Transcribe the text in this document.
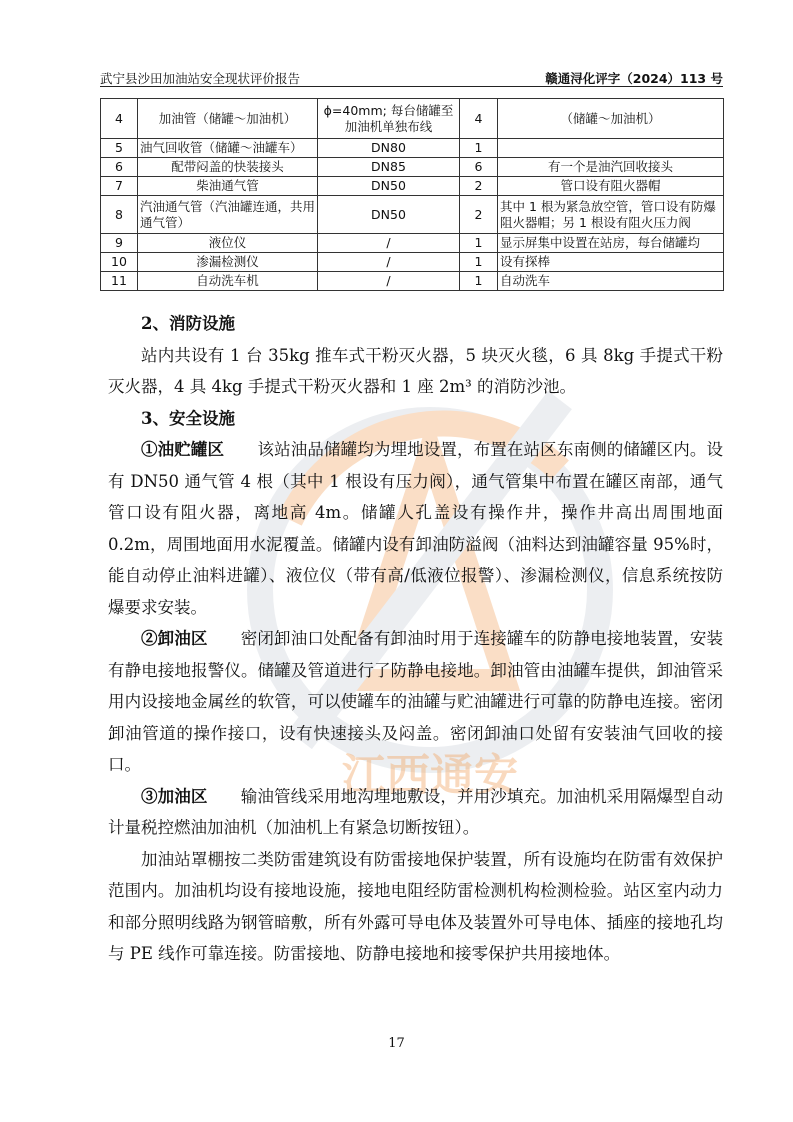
江西通安
武宁县沙田加油站安全现状评价报告	赣通浔化评字（2024）113 号
4	加油管（储罐～加油机）	ϕ=40mm; 每台储罐至加油机单独布线	4	（储罐～加油机）
5	油气回收管（储罐～油罐车）	DN80	1	
6	配带闷盖的快装接头	DN85	6	有一个是油汽回收接头
7	柴油通气管	DN50	2	管口设有阻火器帽
8	汽油通气管（汽油罐连通，共用通气管）	DN50	2	其中 1 根为紧急放空管，管口设有防爆阻火器帽；另 1 根设有阻火压力阀
9	液位仪	/	1	显示屏集中设置在站房，每台储罐均
10	渗漏检测仪	/	1	设有探棒
11	自动洗车机	/	1	自动洗车
2、消防设施

站内共设有 1 台 35kg 推车式干粉灭火器，5 块灭火毯，6 具 8kg 手提式干粉灭火器，4 具 4kg 手提式干粉灭火器和 1 座 2m³ 的消防沙池。

3、安全设施

①油贮罐区　　 该站油品储罐均为埋地设置，布置在站区东南侧的储罐区内。设有 DN50 通气管 4 根（其中 1 根设有压力阀），通气管集中布置在罐区南部，通气管口设有阻火器，离地高 4m。储罐人孔盖设有操作井，操作井高出周围地面 0.2m，周围地面用水泥覆盖。储罐内设有卸油防溢阀（油料达到油罐容量 95%时，能自动停止油料进罐）、液位仪（带有高/低液位报警）、渗漏检测仪，信息系统按防爆要求安装。

②卸油区　　 密闭卸油口处配备有卸油时用于连接罐车的防静电接地装置，安装有静电接地报警仪。储罐及管道进行了防静电接地。卸油管由油罐车提供，卸油管采用内设接地金属丝的软管，可以使罐车的油罐与贮油罐进行可靠的防静电连接。密闭卸油管道的操作接口，设有快速接头及闷盖。密闭卸油口处留有安装油气回收的接口。

③加油区　　 输油管线采用地沟埋地敷设，并用沙填充。加油机采用隔爆型自动计量税控燃油加油机（加油机上有紧急切断按钮）。

加油站罩棚按二类防雷建筑设有防雷接地保护装置，所有设施均在防雷有效保护范围内。加油机均设有接地设施，接地电阻经防雷检测机构检测检验。站区室内动力和部分照明线路为钢管暗敷，所有外露可导电体及装置外可导电体、插座的接地孔均与 PE 线作可靠连接。防雷接地、防静电接地和接零保护共用接地体。

17
